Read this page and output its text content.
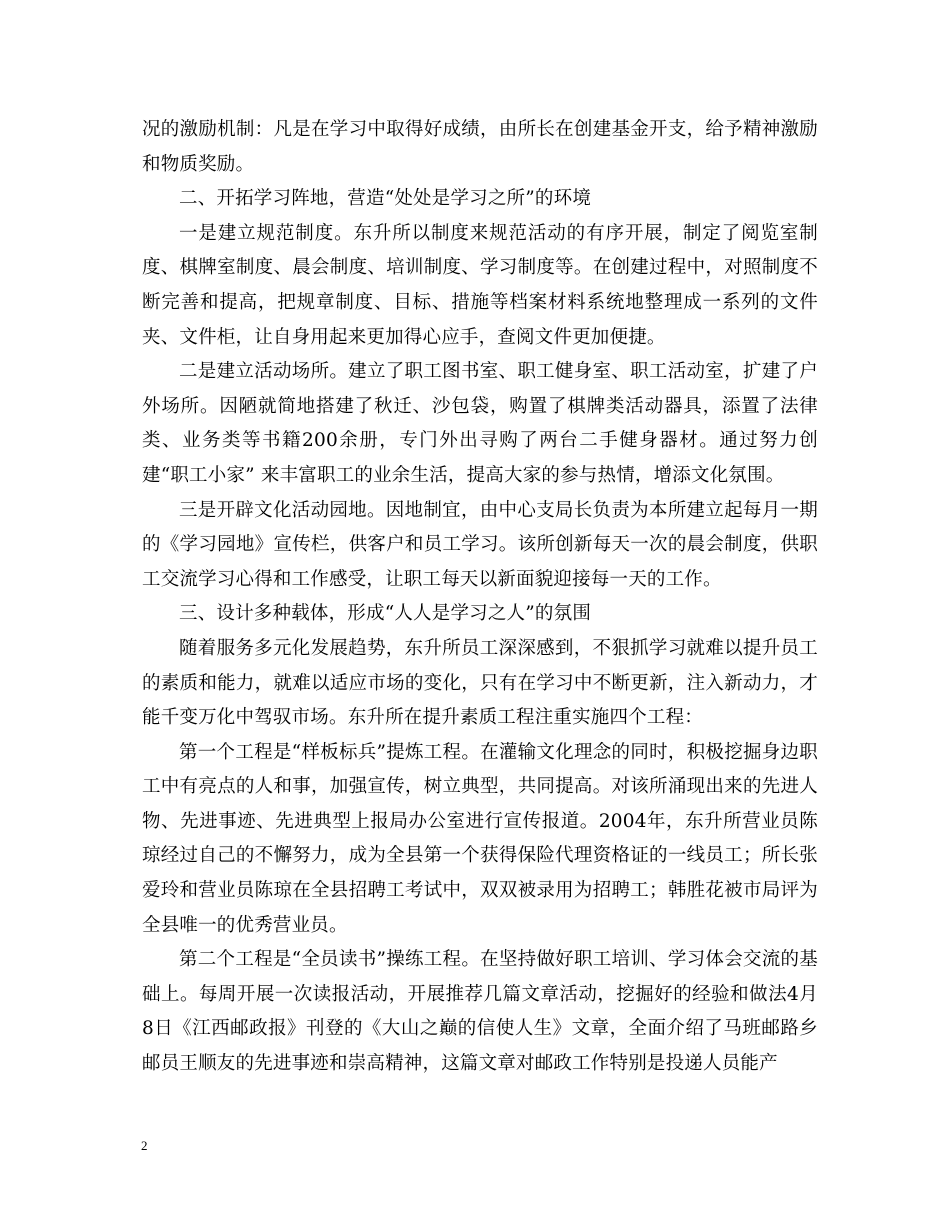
况的激励机制：凡是在学习中取得好成绩，由所长在创建基金开支，给予精神激励和物质奖励。

二、开拓学习阵地，营造“处处是学习之所”的环境

一是建立规范制度。东升所以制度来规范活动的有序开展，制定了阅览室制度、棋牌室制度、晨会制度、培训制度、学习制度等。在创建过程中，对照制度不断完善和提高，把规章制度、目标、措施等档案材料系统地整理成一系列的文件夹、文件柜，让自身用起来更加得心应手，查阅文件更加便捷。

二是建立活动场所。建立了职工图书室、职工健身室、职工活动室，扩建了户外场所。因陋就简地搭建了秋迁、沙包袋，购置了棋牌类活动器具，添置了法律类、业务类等书籍200余册，专门外出寻购了两台二手健身器材。通过努力创建“职工小家” 来丰富职工的业余生活，提高大家的参与热情，增添文化氛围。

三是开辟文化活动园地。因地制宜，由中心支局长负责为本所建立起每月一期的《学习园地》宣传栏，供客户和员工学习。该所创新每天一次的晨会制度，供职工交流学习心得和工作感受，让职工每天以新面貌迎接每一天的工作。

三、设计多种载体，形成“人人是学习之人”的氛围

随着服务多元化发展趋势，东升所员工深深感到，不狠抓学习就难以提升员工的素质和能力，就难以适应市场的变化，只有在学习中不断更新，注入新动力，才能千变万化中驾驭市场。东升所在提升素质工程注重实施四个工程：

第一个工程是“样板标兵”提炼工程。在灌输文化理念的同时，积极挖掘身边职工中有亮点的人和事，加强宣传，树立典型，共同提高。对该所涌现出来的先进人物、先进事迹、先进典型上报局办公室进行宣传报道。2004年，东升所营业员陈琼经过自己的不懈努力，成为全县第一个获得保险代理资格证的一线员工；所长张爱玲和营业员陈琼在全县招聘工考试中，双双被录用为招聘工；韩胜花被市局评为全县唯一的优秀营业员。

第二个工程是“全员读书”操练工程。在坚持做好职工培训、学习体会交流的基础上。每周开展一次读报活动，开展推荐几篇文章活动，挖掘好的经验和做法4月8日《江西邮政报》刊登的《大山之巅的信使人生》文章，全面介绍了马班邮路乡邮员王顺友的先进事迹和崇高精神，这篇文章对邮政工作特别是投递人员能产

2
